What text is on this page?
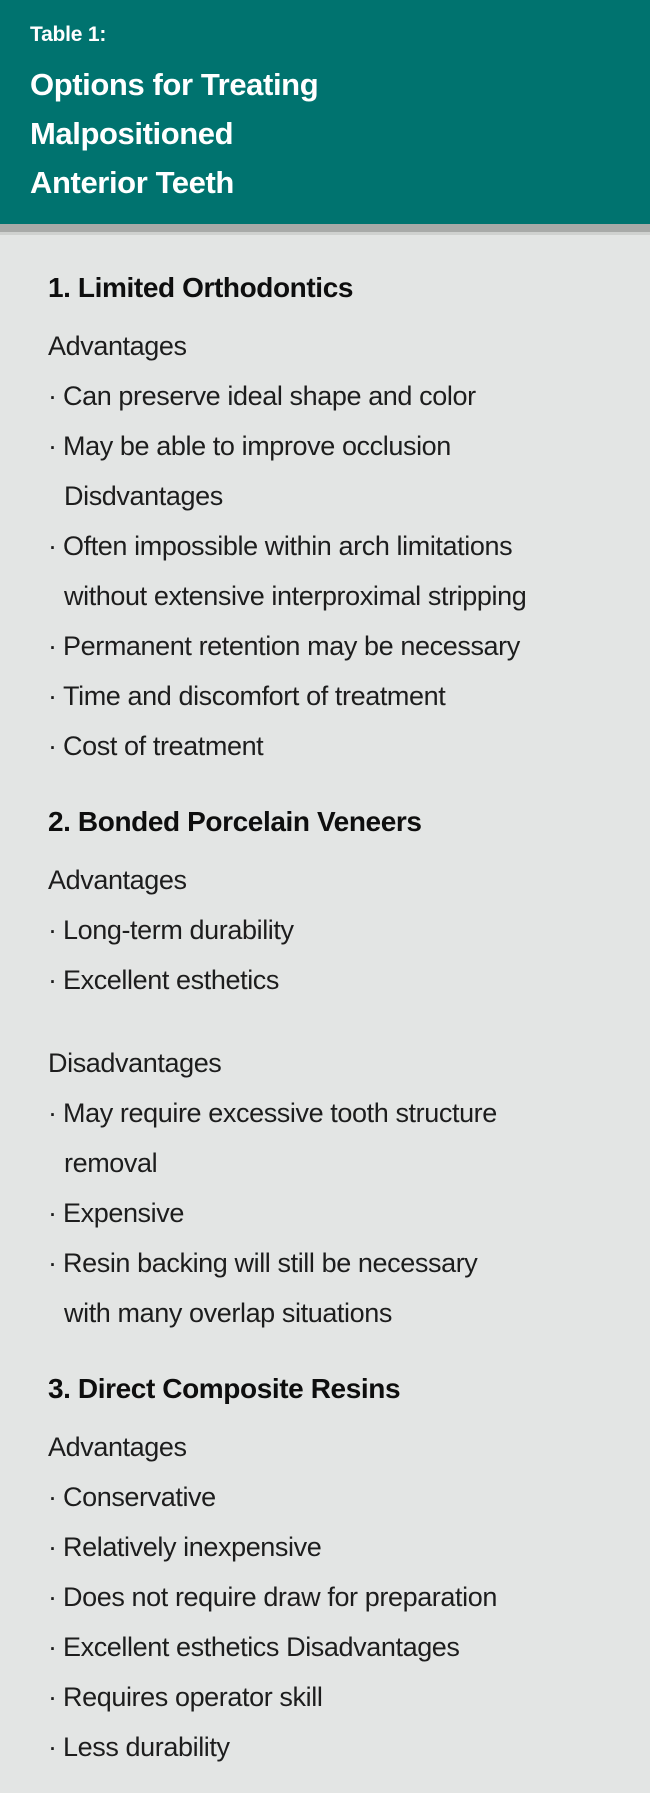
Table 1:
Options for Treating
Malpositioned
Anterior Teeth
1. Limited Orthodontics
Advantages
· Can preserve ideal shape and color
· May be able to improve occlusion
Disdvantages
· Often impossible within arch limitations
without extensive interproximal stripping
· Permanent retention may be necessary
· Time and discomfort of treatment
· Cost of treatment
2. Bonded Porcelain Veneers
Advantages
· Long-term durability
· Excellent esthetics
Disadvantages
· May require excessive tooth structure
removal
· Expensive
· Resin backing will still be necessary
with many overlap situations
3. Direct Composite Resins
Advantages
· Conservative
· Relatively inexpensive
· Does not require draw for preparation
· Excellent esthetics Disadvantages
· Requires operator skill
· Less durability
